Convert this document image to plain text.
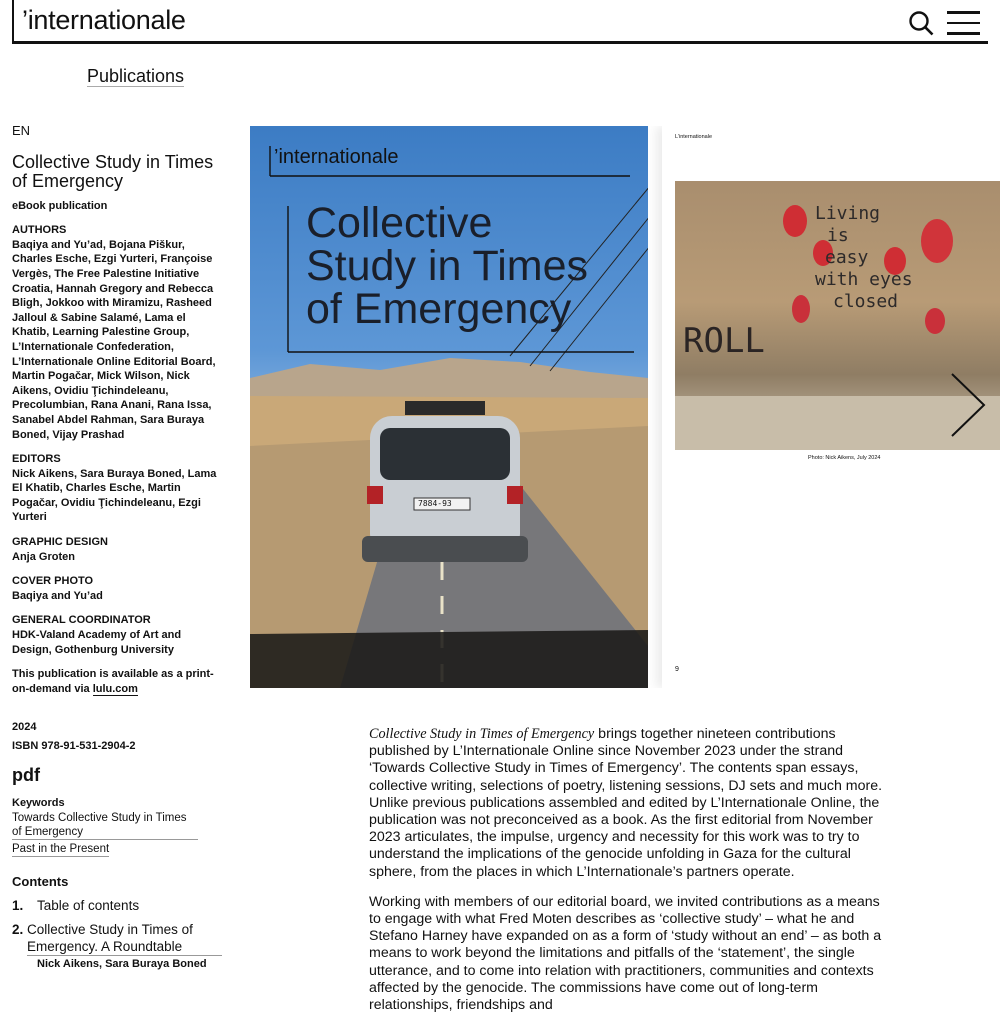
’internationale
Publications
EN
Collective Study in Times of Emergency
eBook publication
AUTHORS
Baqiya and Yu’ad, Bojana Piškur, Charles Esche, Ezgi Yurteri, Françoise Vergès, The Free Palestine Initiative Croatia, Hannah Gregory and Rebecca Bligh, Jokkoo with Miramizu, Rasheed Jalloul & Sabine Salamé, Lama el Khatib, Learning Palestine Group, L’Internationale Confederation, L’Internationale Online Editorial Board, Martin Pogačar, Mick Wilson, Nick Aikens, Ovidiu Ţichindeleanu, Precolumbian, Rana Anani, Rana Issa, Sanabel Abdel Rahman, Sara Buraya Boned, Vijay Prashad
EDITORS
Nick Aikens, Sara Buraya Boned, Lama El Khatib, Charles Esche, Martin Pogačar, Ovidiu Ţichindeleanu, Ezgi Yurteri
GRAPHIC DESIGN
Anja Groten
COVER PHOTO
Baqiya and Yu’ad
GENERAL COORDINATOR
HDK-Valand Academy of Art and Design, Gothenburg University
This publication is available as a print-on-demand via lulu.com
2024
ISBN 978-91-531-2904-2
pdf
Keywords
Towards Collective Study in Times of Emergency
Past in the Present
Contents
1.	Table of contents
2. Collective Study in Times of Emergency. A Roundtable
Nick Aikens, Sara Buraya Boned
’internationale
Collective
Study in Times
of Emergency
7884-93
L’internationale
Living
is
easy
with eyes
closed
ROLL
Photo: Nick Aikens, July 2024
9

Collective Study in Times of Emergency brings together nineteen contributions published by L’Internationale Online since November 2023 under the strand ‘Towards Collective Study in Times of Emergency’. The contents span essays, collective writing, selections of poetry, listening sessions, DJ sets and much more. Unlike previous publications assembled and edited by L’Internationale Online, the publication was not preconceived as a book. As the first editorial from November 2023 articulates, the impulse, urgency and necessity for this work was to try to understand the implications of the genocide unfolding in Gaza for the cultural sphere, from the places in which L’Internationale’s partners operate.

Working with members of our editorial board, we invited contributions as a means to engage with what Fred Moten describes as ‘collective study’ – what he and Stefano Harney have expanded on as a form of ‘study without an end’ – as both a means to work beyond the limitations and pitfalls of the ‘statement’, the single utterance, and to come into relation with practitioners, communities and contexts affected by the genocide. The commissions have come out of long-term relationships, friendships and
